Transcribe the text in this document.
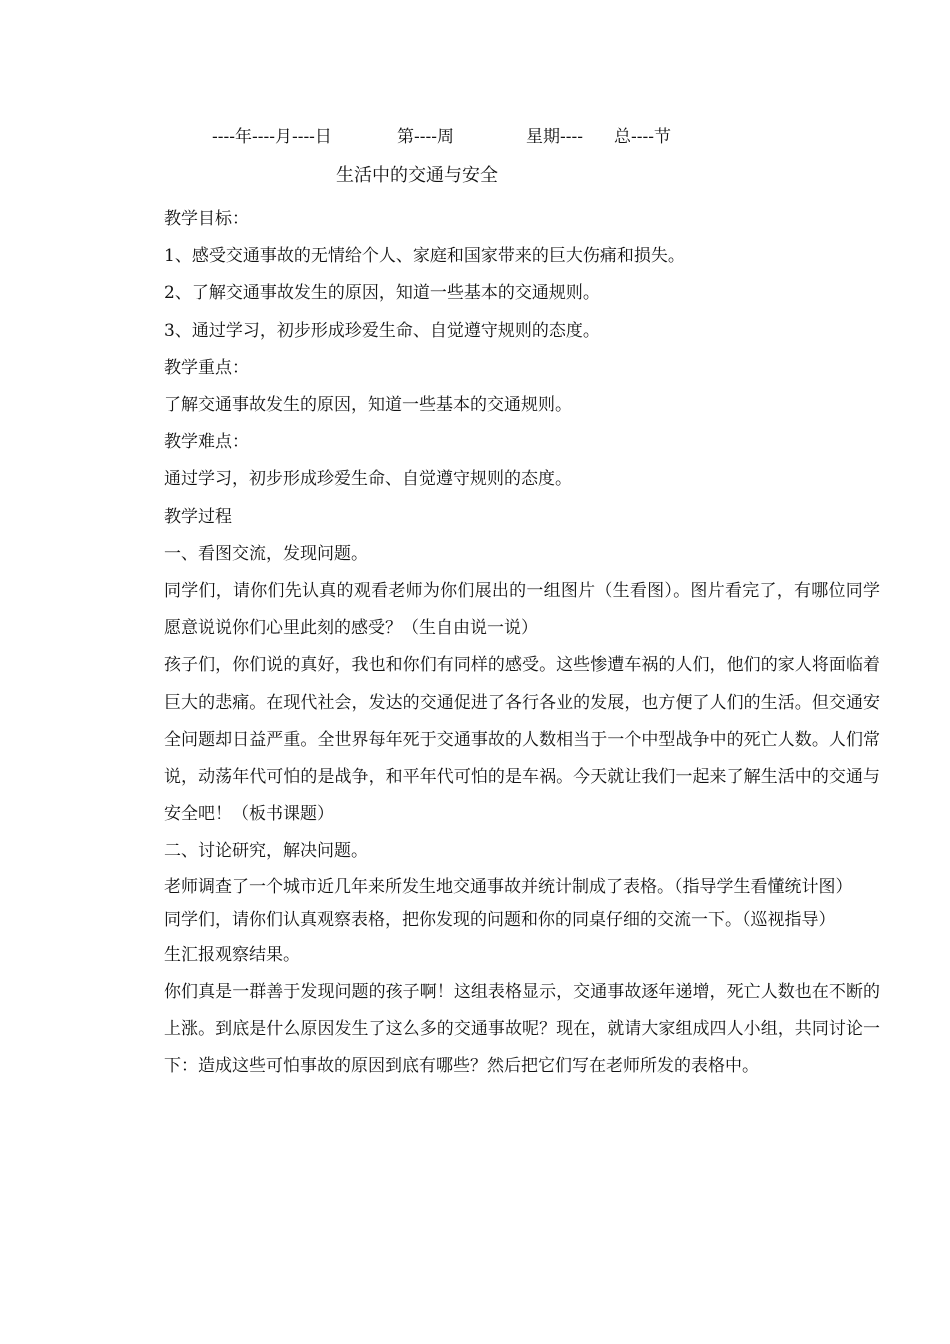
----年----月----日	第----周	星期---- 总----节
生活中的交通与安全

教学目标：

1、感受交通事故的无情给个人、家庭和国家带来的巨大伤痛和损失。

2、了解交通事故发生的原因，知道一些基本的交通规则。

3、通过学习，初步形成珍爱生命、自觉遵守规则的态度。

教学重点：

了解交通事故发生的原因，知道一些基本的交通规则。

教学难点：

通过学习，初步形成珍爱生命、自觉遵守规则的态度。

教学过程

一、看图交流，发现问题。

同学们，请你们先认真的观看老师为你们展出的一组图片（生看图）。图片看完了，有哪位同学愿意说说你们心里此刻的感受？（生自由说一说）

孩子们，你们说的真好，我也和你们有同样的感受。这些惨遭车祸的人们，他们的家人将面临着巨大的悲痛。在现代社会，发达的交通促进了各行各业的发展，也方便了人们的生活。但交通安全问题却日益严重。全世界每年死于交通事故的人数相当于一个中型战争中的死亡人数。人们常说，动荡年代可怕的是战争，和平年代可怕的是车祸。今天就让我们一起来了解生活中的交通与安全吧！（板书课题）

二、讨论研究，解决问题。

老师调查了一个城市近几年来所发生地交通事故并统计制成了表格。（指导学生看懂统计图）

同学们，请你们认真观察表格，把你发现的问题和你的同桌仔细的交流一下。（巡视指导）

生汇报观察结果。

你们真是一群善于发现问题的孩子啊！这组表格显示，交通事故逐年递增，死亡人数也在不断的上涨。到底是什么原因发生了这么多的交通事故呢？现在，就请大家组成四人小组，共同讨论一下：造成这些可怕事故的原因到底有哪些？然后把它们写在老师所发的表格中。
